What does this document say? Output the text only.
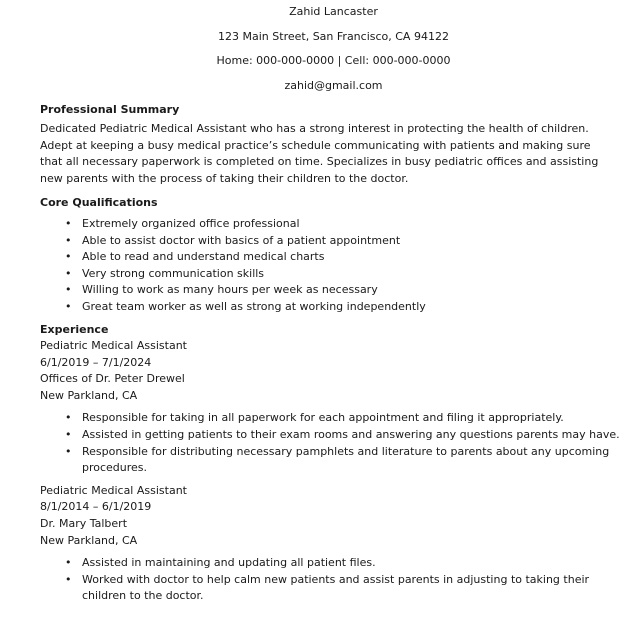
Zahid Lancaster

123 Main Street, San Francisco, CA 94122

Home: 000-000-0000 | Cell: 000-000-0000

zahid@gmail.com

Professional Summary

Dedicated Pediatric Medical Assistant who has a strong interest in protecting the health of children. Adept at keeping a busy medical practice’s schedule communicating with patients and making sure that all necessary paperwork is completed on time. Specializes in busy pediatric offices and assisting new parents with the process of taking their children to the doctor.

Core Qualifications

• Extremely organized office professional
• Able to assist doctor with basics of a patient appointment
• Able to read and understand medical charts
• Very strong communication skills
• Willing to work as many hours per week as necessary
• Great team worker as well as strong at working independently

Experience

Pediatric Medical Assistant

6/1/2019 – 7/1/2024

Offices of Dr. Peter Drewel

New Parkland, CA

• Responsible for taking in all paperwork for each appointment and filing it appropriately.
• Assisted in getting patients to their exam rooms and answering any questions parents may have.
• Responsible for distributing necessary pamphlets and literature to parents about any upcoming procedures.

Pediatric Medical Assistant

8/1/2014 – 6/1/2019

Dr. Mary Talbert

New Parkland, CA

• Assisted in maintaining and updating all patient files.
• Worked with doctor to help calm new patients and assist parents in adjusting to taking their children to the doctor.
